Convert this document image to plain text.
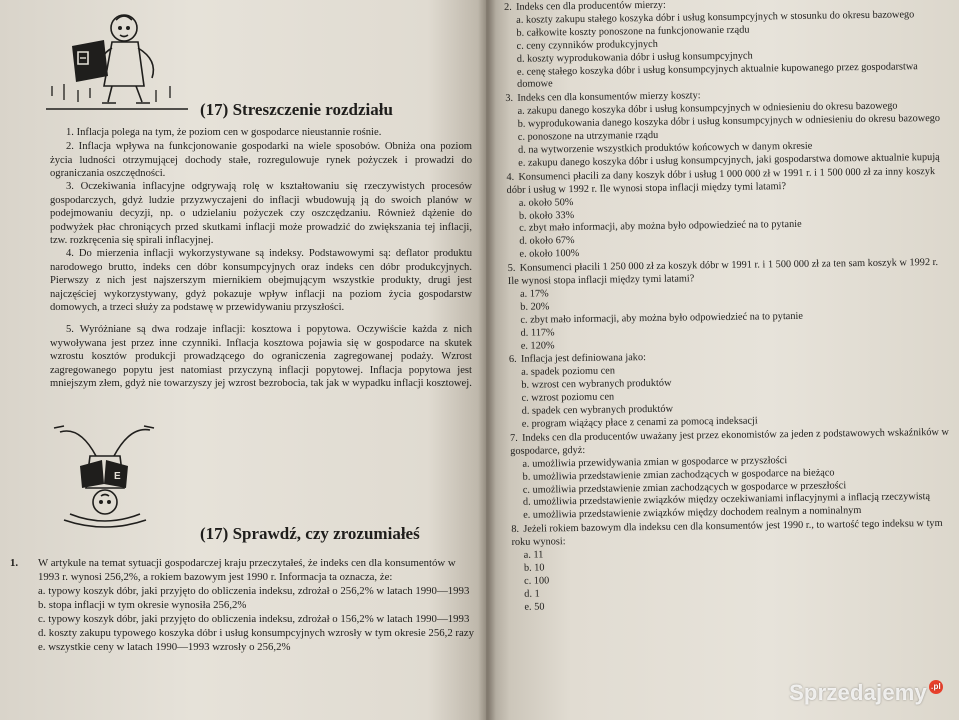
(17) Streszczenie rozdziału

1. Inflacja polega na tym, że poziom cen w gospodarce nieustannie rośnie.

2. Inflacja wpływa na funkcjonowanie gospodarki na wiele sposobów. Obniża ona poziom życia ludności otrzymującej dochody stałe, rozregulowuje rynek pożyczek i prowadzi do ograniczania oszczędności.

3. Oczekiwania inflacyjne odgrywają rolę w kształtowaniu się rzeczywistych procesów gospodarczych, gdyż ludzie przyzwyczajeni do inflacji wbudowują ją do swoich planów w podejmowaniu decyzji, np. o udzielaniu pożyczek czy oszczędzaniu. Również dążenie do podwyżek płac chroniących przed skutkami inflacji może prowadzić do zwiększania tej inflacji, tzw. rozkręcenia się spirali inflacyjnej.

4. Do mierzenia inflacji wykorzystywane są indeksy. Podstawowymi są: deflator produktu narodowego brutto, indeks cen dóbr konsumpcyjnych oraz indeks cen dóbr produkcyjnych. Pierwszy z nich jest najszerszym miernikiem obejmującym wszystkie produkty, drugi jest najczęściej wykorzystywany, gdyż pokazuje wpływ inflacji na poziom życia gospodarstw domowych, a trzeci służy za podstawę w przewidywaniu przyszłości.

5. Wyróżniane są dwa rodzaje inflacji: kosztowa i popytowa. Oczywiście każda z nich wywoływana jest przez inne czynniki. Inflacja kosztowa pojawia się w gospodarce na skutek wzrostu kosztów produkcji prowadzącego do ograniczenia zagregowanej podaży. Wzrost zagregowanego popytu jest natomiast przyczyną inflacji popytowej. Inflacja popytowa jest mniejszym złem, gdyż nie towarzyszy jej wzrost bezrobocia, tak jak w wypadku inflacji kosztowej.

E
(17) Sprawdź, czy zrozumiałeś
1. W artykule na temat sytuacji gospodarczej kraju przeczytałeś, że indeks cen dla konsumentów w 1993 r. wynosi 256,2%, a rokiem bazowym jest 1990 r. Informacja ta oznacza, że:
a. typowy koszyk dóbr, jaki przyjęto do obliczenia indeksu, zdrożał o 256,2% w latach 1990—1993
b. stopa inflacji w tym okresie wynosiła 256,2%
c. typowy koszyk dóbr, jaki przyjęto do obliczenia indeksu, zdrożał o 156,2% w latach 1990—1993
d. koszty zakupu typowego koszyka dóbr i usług konsumpcyjnych wzrosły w tym okresie 256,2 razy
e. wszystkie ceny w latach 1990—1993 wzrosły o 256,2%
2. Indeks cen dla producentów mierzy:
a. koszty zakupu stałego koszyka dóbr i usług konsumpcyjnych w stosunku do okresu bazowego
b. całkowite koszty ponoszone na funkcjonowanie rządu
c. ceny czynników produkcyjnych
d. koszty wyprodukowania dóbr i usług konsumpcyjnych
e. cenę stałego koszyka dóbr i usług konsumpcyjnych aktualnie kupowanego przez gospodarstwa domowe
3. Indeks cen dla konsumentów mierzy koszty:
a. zakupu danego koszyka dóbr i usług konsumpcyjnych w odniesieniu do okresu bazowego
b. wyprodukowania danego koszyka dóbr i usług konsumpcyjnych w odniesieniu do okresu bazowego
c. ponoszone na utrzymanie rządu
d. na wytworzenie wszystkich produktów końcowych w danym okresie
e. zakupu danego koszyka dóbr i usług konsumpcyjnych, jaki gospodarstwa domowe aktualnie kupują
4. Konsumenci płacili za dany koszyk dóbr i usług 1 000 000 zł w 1991 r. i 1 500 000 zł za inny koszyk dóbr i usług w 1992 r. Ile wynosi stopa inflacji między tymi latami?
a. około 50%
b. około 33%
c. zbyt mało informacji, aby można było odpowiedzieć na to pytanie
d. około 67%
e. około 100%
5. Konsumenci płacili 1 250 000 zł za koszyk dóbr w 1991 r. i 1 500 000 zł za ten sam koszyk w 1992 r. Ile wynosi stopa inflacji między tymi latami?
a. 17%
b. 20%
c. zbyt mało informacji, aby można było odpowiedzieć na to pytanie
d. 117%
e. 120%
6. Inflacja jest definiowana jako:
a. spadek poziomu cen
b. wzrost cen wybranych produktów
c. wzrost poziomu cen
d. spadek cen wybranych produktów
e. program wiążący płace z cenami za pomocą indeksacji
7. Indeks cen dla producentów uważany jest przez ekonomistów za jeden z podstawowych wskaźników w gospodarce, gdyż:
a. umożliwia przewidywania zmian w gospodarce w przyszłości
b. umożliwia przedstawienie zmian zachodzących w gospodarce na bieżąco
c. umożliwia przedstawienie zmian zachodzących w gospodarce w przeszłości
d. umożliwia przedstawienie związków między oczekiwaniami inflacyjnymi a inflacją rzeczywistą
e. umożliwia przedstawienie związków między dochodem realnym a nominalnym
8. Jeżeli rokiem bazowym dla indeksu cen dla konsumentów jest 1990 r., to wartość tego indeksu w tym roku wynosi:
a. 11
b. 10
c. 100
d. 1
e. 50
Sprzedajemy .pl
